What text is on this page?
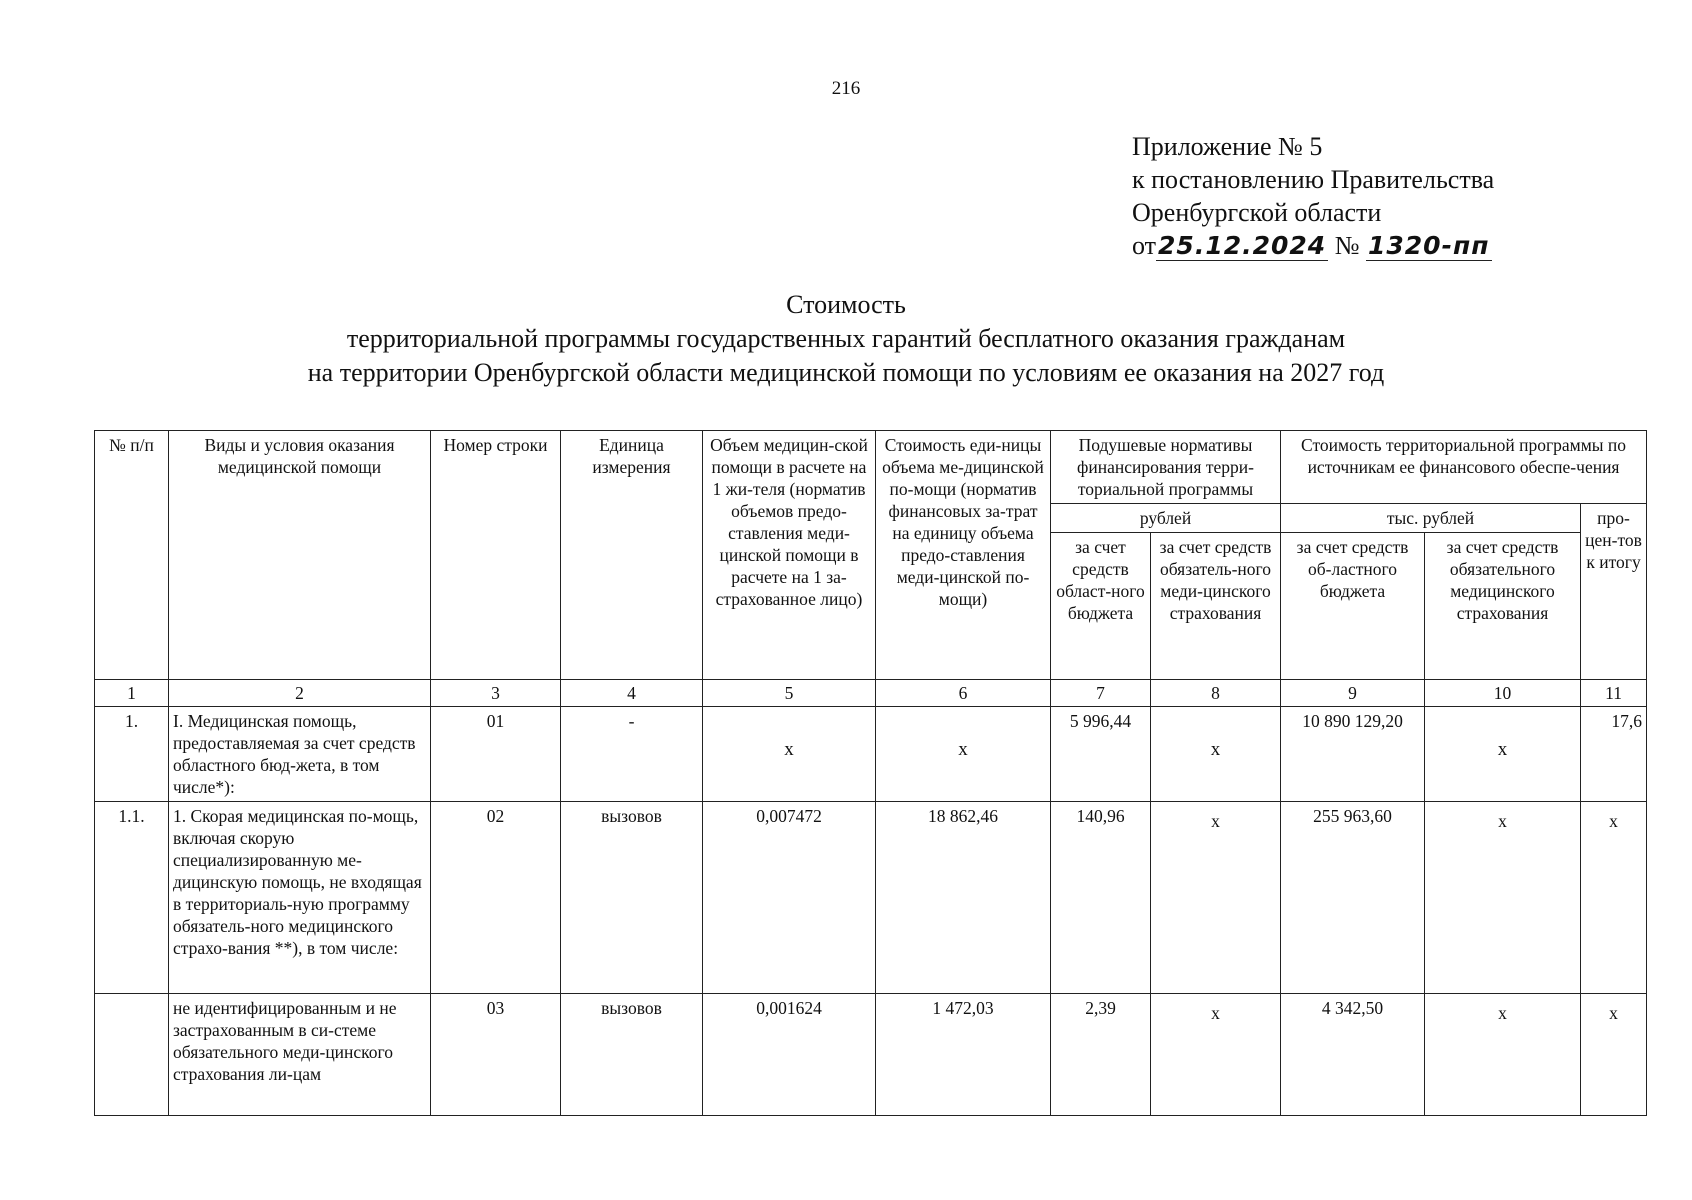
216
Приложение № 5
к постановлению Правительства
Оренбургской области
от25.12.2024 № 1320-пп
Стоимость
территориальной программы государственных гарантий бесплатного оказания гражданам
на территории Оренбургской области медицинской помощи по условиям ее оказания на 2027 год
№ п/п	Виды и условия оказания медицинской помощи	Номер строки	Единица измерения	Объем медицин-ской помощи в расчете на 1 жи-теля (норматив объемов предо-ставления меди-цинской помощи в расчете на 1 за-страхованное лицо)	Стоимость еди-ницы объема ме-дицинской по-мощи (норматив финансовых за-трат на единицу объема предо-ставления меди-цинской по-мощи)	Подушевые нормативы финансирования терри-ториальной программы		Стоимость территориальной программы по источникам ее финансового обеспе-чения		
						рублей		тыс. рублей		про-цен-тов к итогу
						за счет средств област-ного бюджета	за счет средств обязатель-ного меди-цинского страхования	за счет средств об-ластного бюджета	за счет средств обязательного медицинского страхования	
1	2	3	4	5	6	7	8	9	10	11
1.	I. Медицинская помощь, предоставляемая за счет средств областного бюд-жета, в том числе*):	01	-	х	х	5 996,44	х	10 890 129,20	х	17,6
1.1.	1. Скорая медицинская по-мощь, включая скорую специализированную ме-дицинскую помощь, не входящая в территориаль-ную программу обязатель-ного медицинского страхо-вания **), в том числе:	02	вызовов	0,007472	18 862,46	140,96	х	255 963,60	х	х
	не идентифицированным и не застрахованным в си-стеме обязательного меди-цинского страхования ли-цам	03	вызовов	0,001624	1 472,03	2,39	х	4 342,50	х	х
